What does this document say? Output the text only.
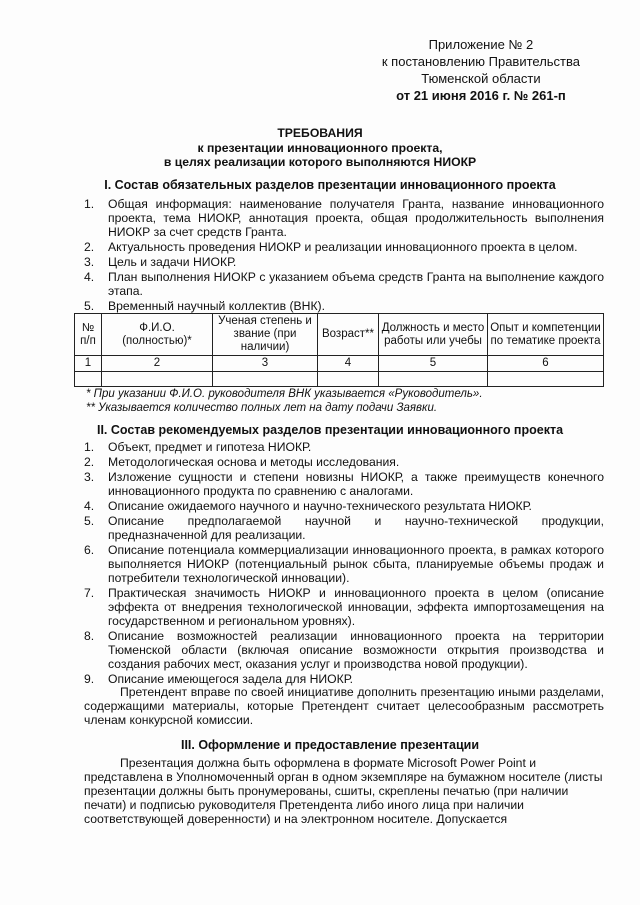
Приложение № 2
к постановлению Правительства
Тюменской области
от 21 июня 2016 г. № 261-п
ТРЕБОВАНИЯ
к презентации инновационного проекта,
в целях реализации которого выполняются НИОКР
I. Состав обязательных разделов презентации инновационного проекта
1. Общая информация: наименование получателя Гранта, название инновационного проекта, тема НИОКР, аннотация проекта, общая продолжительность выполнения НИОКР за счет средств Гранта.
2. Актуальность проведения НИОКР и реализации инновационного проекта в целом.
3. Цель и задачи НИОКР.
4. План выполнения НИОКР с указанием объема средств Гранта на выполнение каждого этапа.
5. Временный научный коллектив (ВНК).
№ п/п	Ф.И.О. (полностью)*	Ученая степень и звание (при наличии)	Возраст**	Должность и место работы или учебы	Опыт и компетенции по тематике проекта
1	2	3	4	5	6

* При указании Ф.И.О. руководителя ВНК указывается «Руководитель».
** Указывается количество полных лет на дату подачи Заявки.
II. Состав рекомендуемых разделов презентации инновационного проекта
1. Объект, предмет и гипотеза НИОКР.
2. Методологическая основа и методы исследования.
3. Изложение сущности и степени новизны НИОКР, а также преимуществ конечного инновационного продукта по сравнению с аналогами.
4. Описание ожидаемого научного и научно-технического результата НИОКР.
5. Описание предполагаемой научной и научно-технической продукции, предназначенной для реализации.
6. Описание потенциала коммерциализации инновационного проекта, в рамках которого выполняется НИОКР (потенциальный рынок сбыта, планируемые объемы продаж и потребители технологической инновации).
7. Практическая значимость НИОКР и инновационного проекта в целом (описание эффекта от внедрения технологической инновации, эффекта импортозамещения на государственном и региональном уровнях).
8. Описание возможностей реализации инновационного проекта на территории Тюменской области (включая описание возможности открытия производства и создания рабочих мест, оказания услуг и производства новой продукции).
9. Описание имеющегося задела для НИОКР.
Претендент вправе по своей инициативе дополнить презентацию иными разделами, содержащими материалы, которые Претендент считает целесообразным рассмотреть членам конкурсной комиссии.
III. Оформление и предоставление презентации
Презентация должна быть оформлена в формате Microsoft Power Point и представлена в Уполномоченный орган в одном экземпляре на бумажном носителе (листы презентации должны быть пронумерованы, сшиты, скреплены печатью (при наличии печати) и подписью руководителя Претендента либо иного лица при наличии соответствующей доверенности) и на электронном носителе. Допускается
